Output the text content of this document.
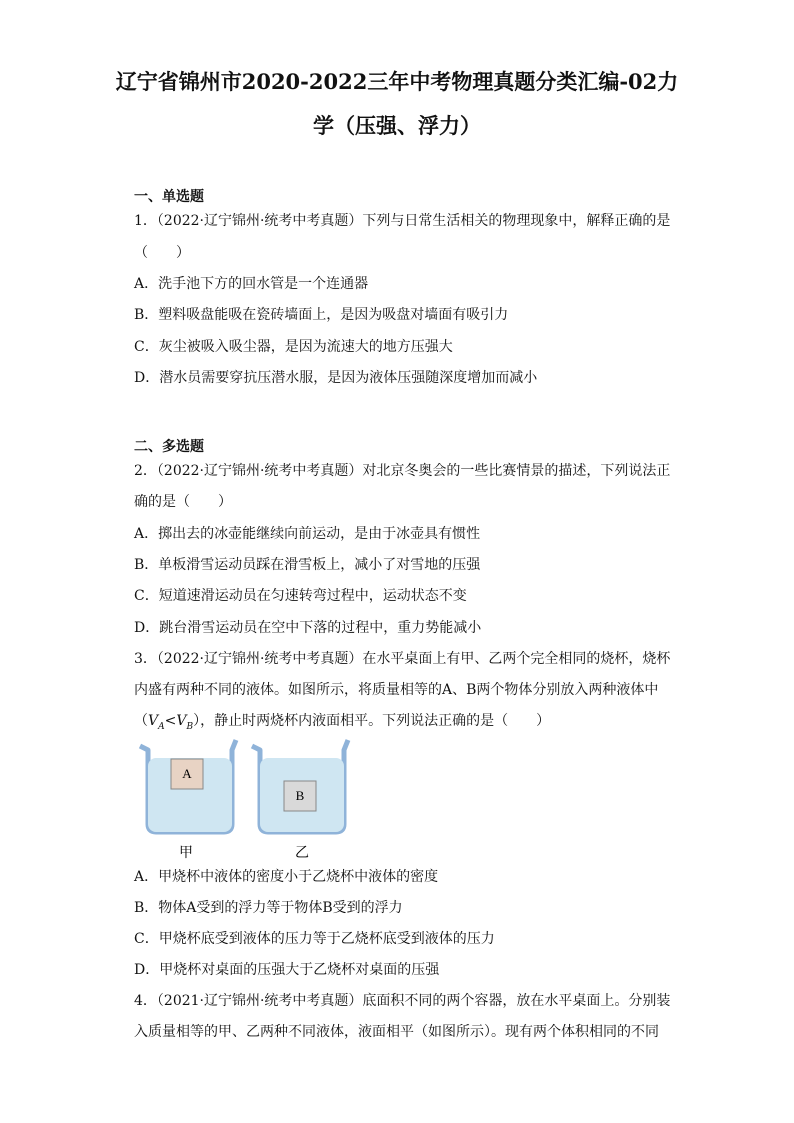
辽宁省锦州市2020-2022三年中考物理真题分类汇编-02力
学（压强、浮力）

一、单选题

1．（2022·辽宁锦州·统考中考真题）下列与日常生活相关的物理现象中，解释正确的是

（　　）

A．洗手池下方的回水管是一个连通器

B．塑料吸盘能吸在瓷砖墙面上，是因为吸盘对墙面有吸引力

C．灰尘被吸入吸尘器，是因为流速大的地方压强大

D．潜水员需要穿抗压潜水服，是因为液体压强随深度增加而减小

二、多选题

2．（2022·辽宁锦州·统考中考真题）对北京冬奥会的一些比赛情景的描述，下列说法正

确的是（　　）

A．掷出去的冰壶能继续向前运动，是由于冰壶具有惯性

B．单板滑雪运动员踩在滑雪板上，减小了对雪地的压强

C．短道速滑运动员在匀速转弯过程中，运动状态不变

D．跳台滑雪运动员在空中下落的过程中，重力势能减小

3．（2022·辽宁锦州·统考中考真题）在水平桌面上有甲、乙两个完全相同的烧杯，烧杯

内盛有两种不同的液体。如图所示，将质量相等的A、B两个物体分别放入两种液体中

$(V_A<V_B)$，静止时两烧杯内液面相平。下列说法正确的是（　　）

A
B
甲	乙

A．甲烧杯中液体的密度小于乙烧杯中液体的密度

B．物体A受到的浮力等于物体B受到的浮力

C．甲烧杯底受到液体的压力等于乙烧杯底受到液体的压力

D．甲烧杯对桌面的压强大于乙烧杯对桌面的压强

4．（2021·辽宁锦州·统考中考真题）底面积不同的两个容器，放在水平桌面上。分别装

入质量相等的甲、乙两种不同液体，液面相平（如图所示）。现有两个体积相同的不同
